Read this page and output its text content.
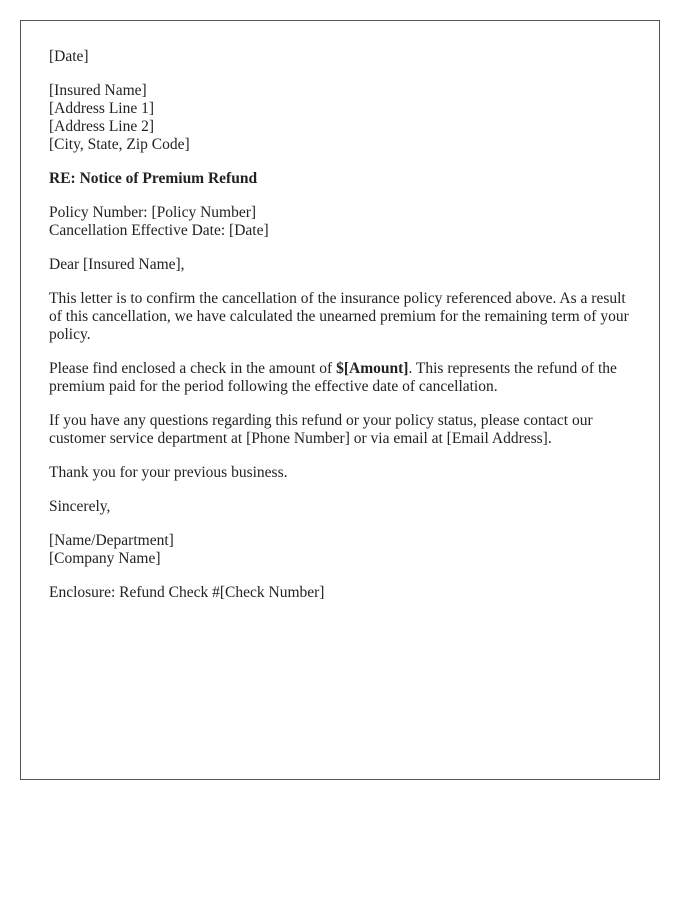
[Date]
[Insured Name]
[Address Line 1]
[Address Line 2]
[City, State, Zip Code]
RE: Notice of Premium Refund
Policy Number: [Policy Number]
Cancellation Effective Date: [Date]
Dear [Insured Name],

This letter is to confirm the cancellation of the insurance policy referenced above. As a result of this cancellation, we have calculated the unearned premium for the remaining term of your policy.

Please find enclosed a check in the amount of $[Amount]. This represents the refund of the premium paid for the period following the effective date of cancellation.

If you have any questions regarding this refund or your policy status, please contact our customer service department at [Phone Number] or via email at [Email Address].

Thank you for your previous business.
Sincerely,
[Name/Department]
[Company Name]
Enclosure: Refund Check #[Check Number]
